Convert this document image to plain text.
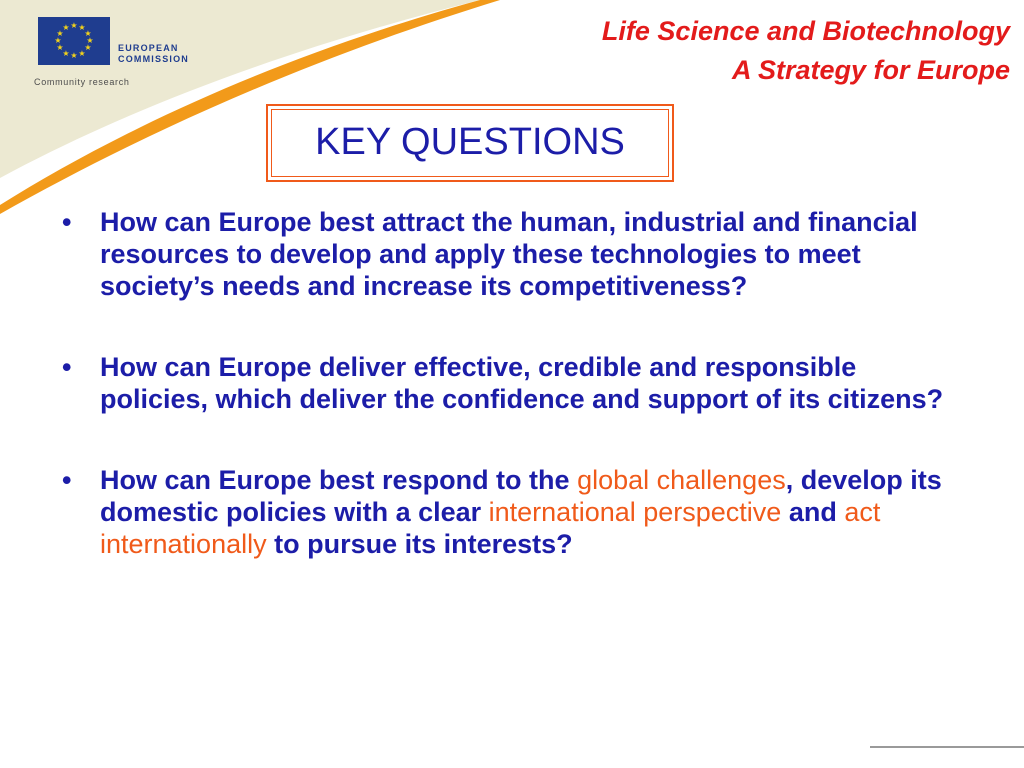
★ ★
★
★
★
★
★
★
★
★
★
★
EUROPEAN
COMMISSION
Community research
Life Science and Biotechnology
A Strategy for Europe
KEY QUESTIONS
•	How can Europe best attract the human, industrial and financial resources to develop and apply these technologies to meet society’s needs and increase its competitiveness?
•	How can Europe deliver effective, credible and responsible policies, which deliver the confidence and support of its citizens?
•	How can Europe best respond to the global challenges, develop its domestic policies with a clear international perspective and act internationally to pursue its interests?
